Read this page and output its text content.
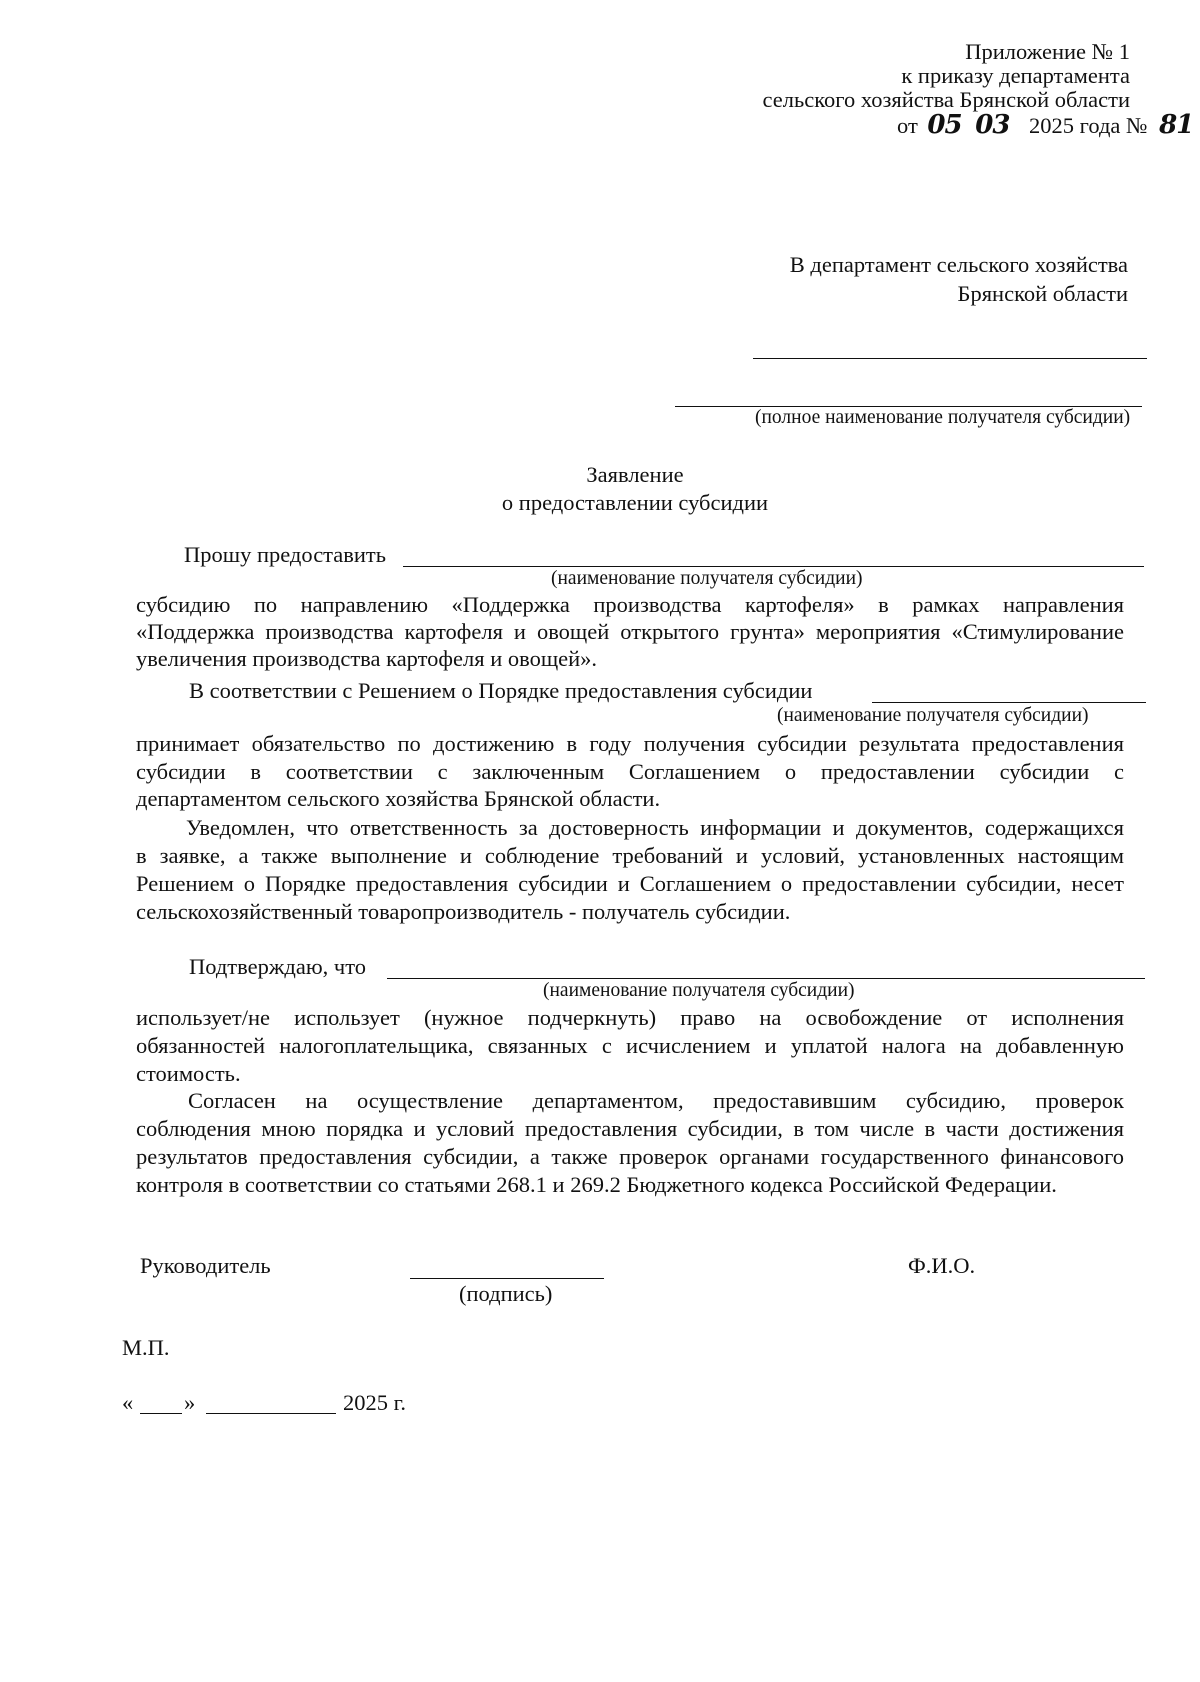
Приложение № 1
к приказу департамента
сельского хозяйства Брянской области
от 05 03 2025 года № 81
В департамент сельского хозяйства
Брянской области
(полное наименование получателя субсидии)
Заявление
о предоставлении субсидии
Прошу предоставить
(наименование получателя субсидии)
субсидию по направлению «Поддержка производства картофеля» в рамках направления
«Поддержка производства картофеля и овощей открытого грунта» мероприятия «Стимулирование
увеличения производства картофеля и овощей».
В соответствии с Решением о Порядке предоставления субсидии
(наименование получателя субсидии)
принимает обязательство по достижению в году получения субсидии результата предоставления
субсидии в соответствии с заключенным Соглашением о предоставлении субсидии с
департаментом сельского хозяйства Брянской области.
Уведомлен, что ответственность за достоверность информации и документов, содержащихся
в заявке, а также выполнение и соблюдение требований и условий, установленных настоящим
Решением о Порядке предоставления субсидии и Соглашением о предоставлении субсидии, несет
сельскохозяйственный товаропроизводитель - получатель субсидии.
Подтверждаю, что
(наименование получателя субсидии)
использует/не использует (нужное подчеркнуть) право на освобождение от исполнения
обязанностей налогоплательщика, связанных с исчислением и уплатой налога на добавленную
стоимость.
Согласен на осуществление департаментом, предоставившим субсидию, проверок
соблюдения мною порядка и условий предоставления субсидии, в том числе в части достижения
результатов предоставления субсидии, а также проверок органами государственного финансового
контроля в соответствии со статьями 268.1 и 269.2 Бюджетного кодекса Российской Федерации.
Руководитель
(подпись)
Ф.И.О.
М.П.
« »	2025 г.
